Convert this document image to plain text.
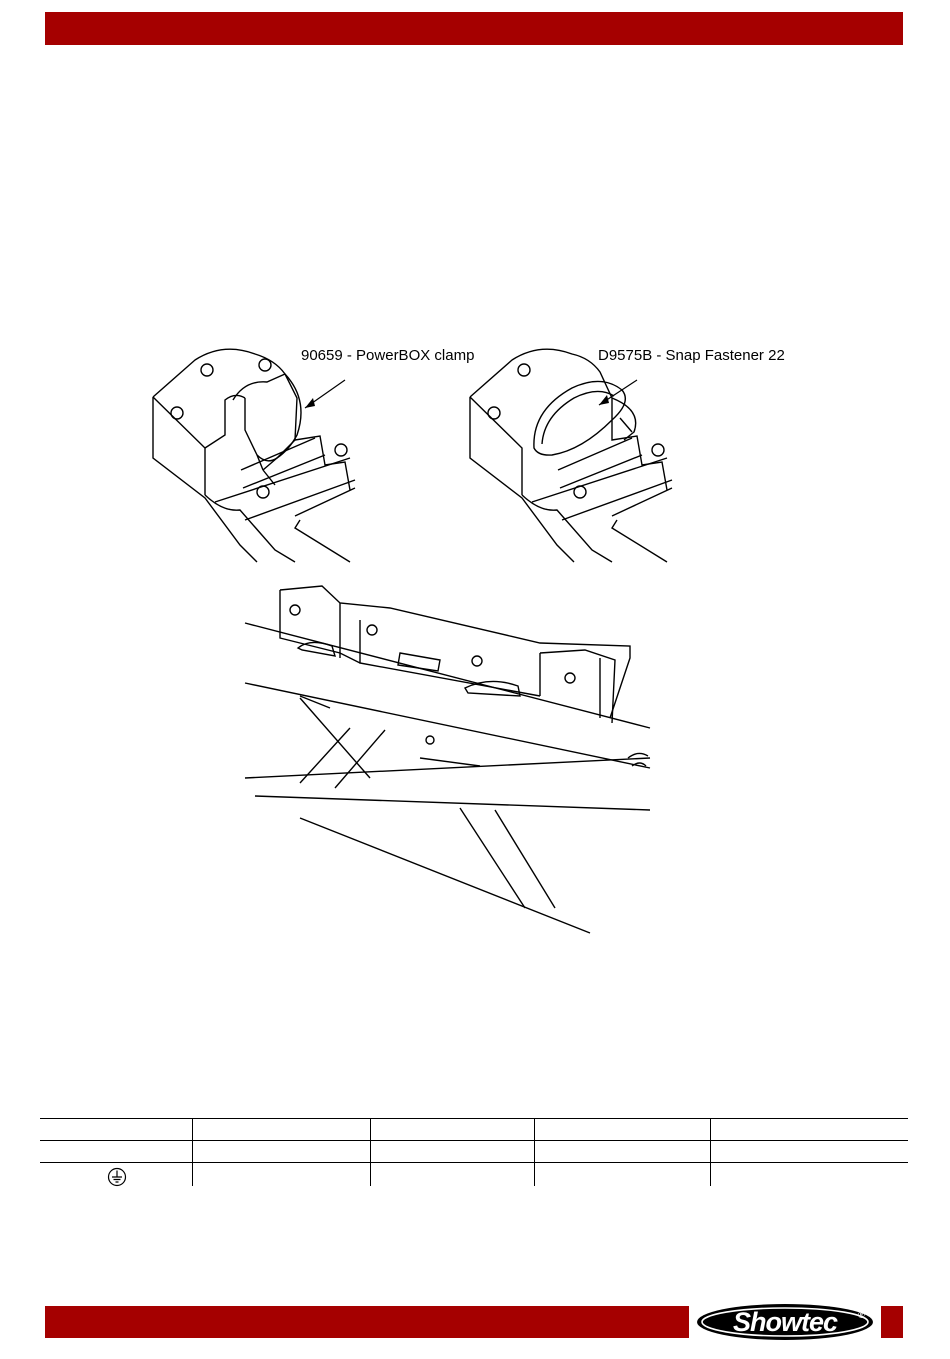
90659 - PowerBOX clamp	D9575B - Snap Fastener 22
Showtec	®
